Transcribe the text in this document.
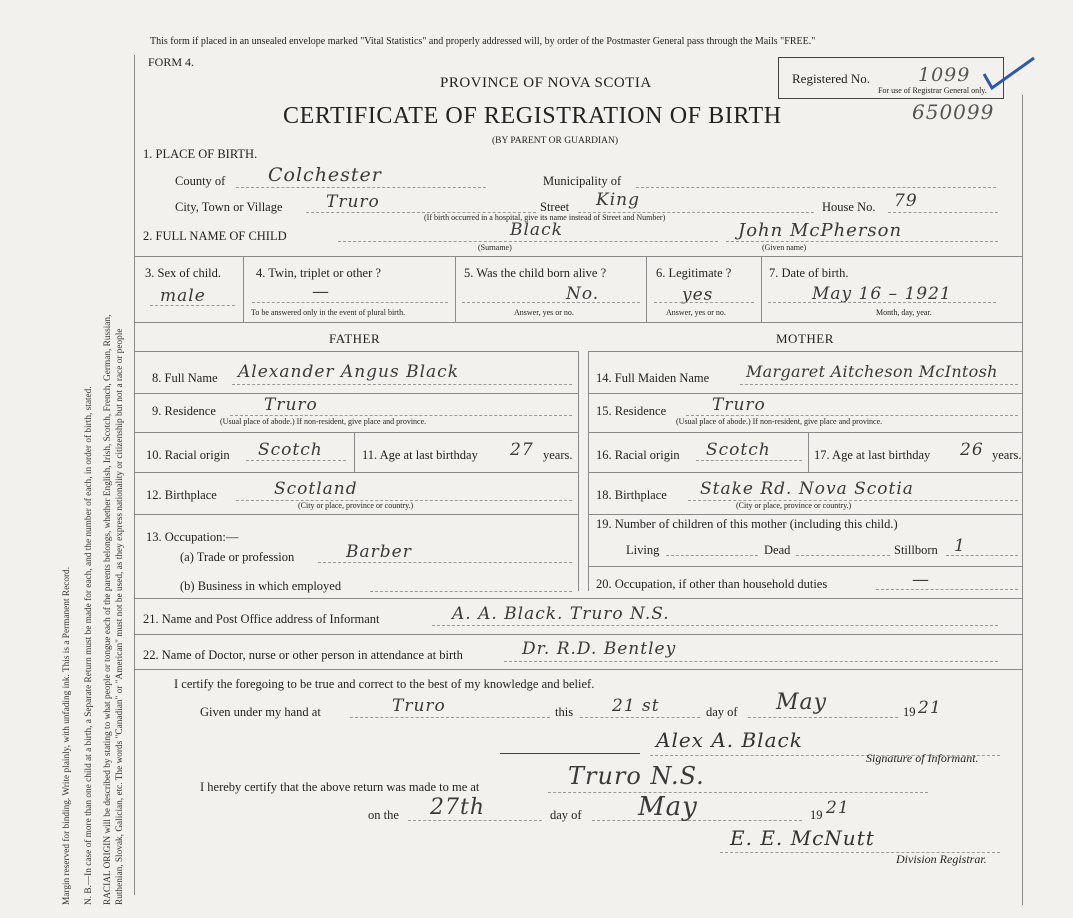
Margin reserved for binding. Write plainly, with unfading ink. This is a Permanent Record. N. B.—In case of more than one child at a birth, a Separate Return must be made for each, and the number of each, in order of birth, stated. RACIAL ORIGIN will be described by stating to what people or tongue each of the parents belongs, whether English, Irish, Scotch, French, German, Russian, Ruthenian, Slovak, Galician, etc. The words "Canadian" or "American" must not be used, as they express nationality or citizenship but not a race or people
This form if placed in an unsealed envelope marked "Vital Statistics" and properly addressed will, by order of the Postmaster General pass through the Mails "FREE."
FORM 4.
PROVINCE OF NOVA SCOTIA
CERTIFICATE OF REGISTRATION OF BIRTH
(BY PARENT OR GUARDIAN)
Registered No.	1099
For use of Registrar General only.
650099
1. PLACE OF BIRTH.
County of Colchester	Municipality of
City, Town or Village	Truro	Street King	House No. 79
(If birth occurred in a hospital, give its name instead of Street and Number)
2. FULL NAME OF CHILD	Black
(Surname)
John McPherson
(Given name)
3. Sex of child.
male
4. Twin, triplet or other ?
—
To be answered only in the event of plural birth.
5. Was the child born alive ?
No.
Answer, yes or no.
6. Legitimate ?
yes
Answer, yes or no.
7. Date of birth.
May 16 – 1921
Month, day, year.
FATHER	MOTHER
8. Full Name Alexander Angus Black
9. Residence	Truro
(Usual place of abode.) If non-resident, give place and province.
10. Racial origin Scotch	11. Age at last birthday 27 years.
12. Birthplace	Scotland
(City or place, province or country.)
13. Occupation:—
(a) Trade or profession	Barber
(b) Business in which employed
14. Full Maiden Name Margaret Aitcheson McIntosh
15. Residence	Truro
(Usual place of abode.) If non-resident, give place and province.
16. Racial origin Scotch	17. Age at last birthday 26 years.
18. Birthplace Stake Rd. Nova Scotia
(City or place, province or country.)
19. Number of children of this mother (including this child.)
Living	Dead	Stillborn 1
20. Occupation, if other than household duties	—
21. Name and Post Office address of Informant	A. A. Black. Truro N.S.
22. Name of Doctor, nurse or other person in attendance at birth	Dr. R.D. Bentley
I certify the foregoing to be true and correct to the best of my knowledge and belief.
Given under my hand at	Truro	this 21 st	day of May	19 21
Alex A. Black
Signature of Informant.
I hereby certify that the above return was made to me at	Truro N.S.
on the 27th	day of May	19 21
E. E. McNutt
Division Registrar.
